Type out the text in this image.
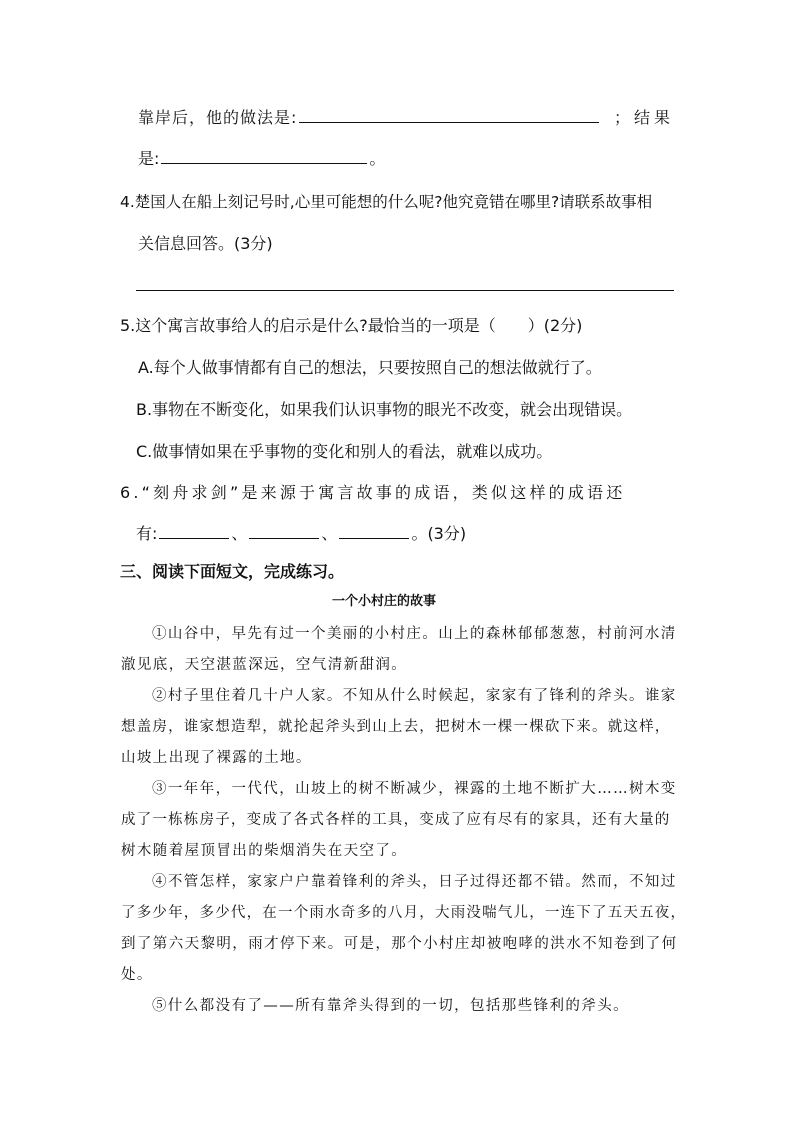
靠岸后，他的做法是:	；结果
是:	。
4.楚国人在船上刻记号时,心里可能想的什么呢?他究竟错在哪里?请联系故事相
关信息回答。(3分)
5.这个寓言故事给人的启示是什么?最恰当的一项是（　　）(2分)
A.每个人做事情都有自己的想法，只要按照自己的想法做就行了。
B.事物在不断变化，如果我们认识事物的眼光不改变，就会出现错误。
C.做事情如果在乎事物的变化和别人的看法，就难以成功。
6.“刻舟求剑”是来源于寓言故事的成语，类似这样的成语还
有:	、	、	。(3分)
三、阅读下面短文，完成练习。
一个小村庄的故事
①山谷中，早先有过一个美丽的小村庄。山上的森林郁郁葱葱，村前河水清
澈见底，天空湛蓝深远，空气清新甜润。
②村子里住着几十户人家。不知从什么时候起，家家有了锋利的斧头。谁家
想盖房，谁家想造犁，就抡起斧头到山上去，把树木一棵一棵砍下来。就这样，
山坡上出现了裸露的土地。
③一年年，一代代，山坡上的树不断减少，裸露的土地不断扩大……树木变
成了一栋栋房子，变成了各式各样的工具，变成了应有尽有的家具，还有大量的
树木随着屋顶冒出的柴烟消失在天空了。
④不管怎样，家家户户靠着锋利的斧头，日子过得还都不错。然而，不知过
了多少年，多少代，在一个雨水奇多的八月，大雨没喘气儿，一连下了五天五夜，
到了第六天黎明，雨才停下来。可是，那个小村庄却被咆哮的洪水不知卷到了何
处。
⑤什么都没有了——所有靠斧头得到的一切，包括那些锋利的斧头。
